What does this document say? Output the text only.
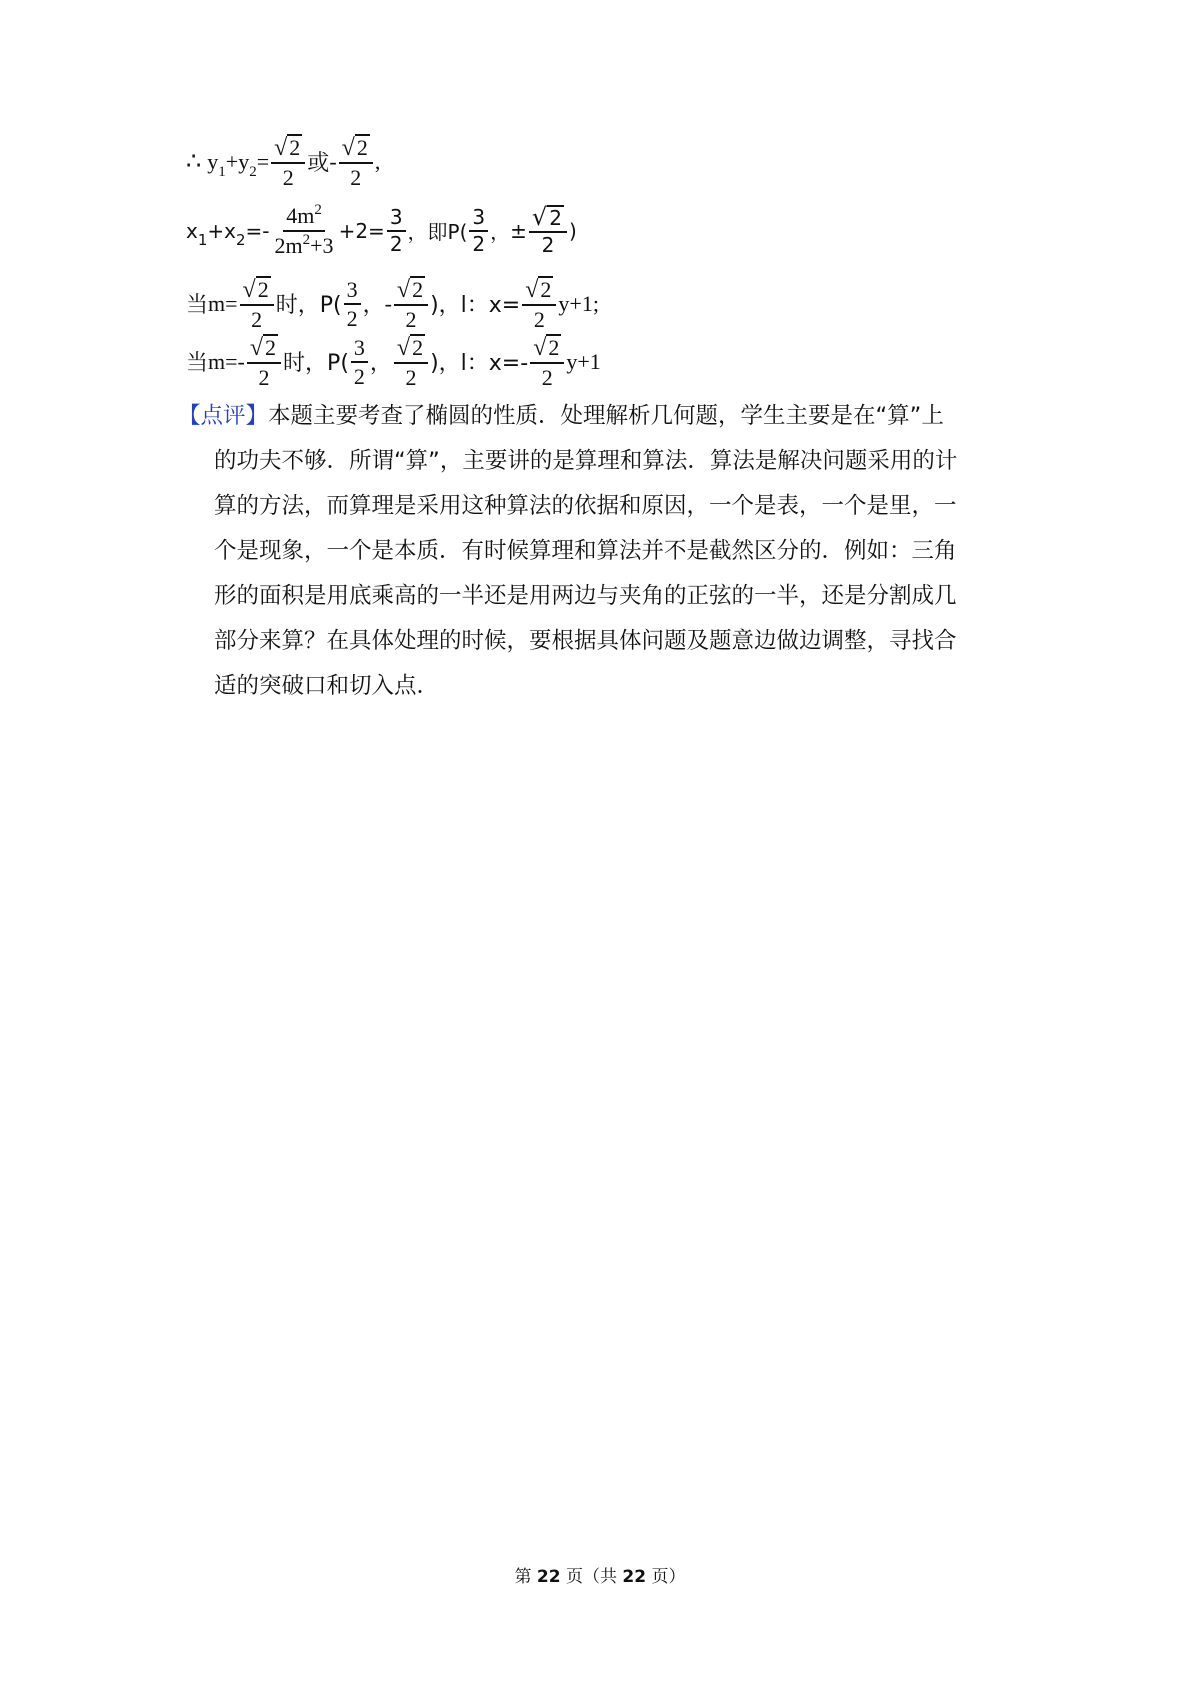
∴ $y_1+y_2= \frac{√ 2}{2}$ 或 - $\frac{√ 2}{2}$ ,
$x_1+x_2= - \frac{4m^2}{2m^2+3} +2= \frac{3}{2}$ ，即$P( \frac{3}{2}$ ， ± $\frac{√ 2}{2}$ )
当 $m= \frac{√ 2}{2}$ 时，$P( \frac{3}{2}$ ， - $\frac{√ 2}{2}$ )，l：$x= \frac{√ 2}{2} y+1$;
当 $m=- \frac{√ 2}{2}$ 时，$P( \frac{3}{2}$ ， $\frac{√ 2}{2}$ )，l：$x=- \frac{√ 2}{2} y+1$
【点评】本题主要考查了椭圆的性质．处理解析几何题，学生主要是在“算”上
的功夫不够．所谓“算”，主要讲的是算理和算法．算法是解决问题采用的计
算的方法，而算理是采用这种算法的依据和原因，一个是表，一个是里，一
个是现象，一个是本质．有时候算理和算法并不是截然区分的．例如：三角
形的面积是用底乘高的一半还是用两边与夹角的正弦的一半，还是分割成几
部分来算？在具体处理的时候，要根据具体问题及题意边做边调整，寻找合
适的突破口和切入点．
第 22 页（共 22 页）
